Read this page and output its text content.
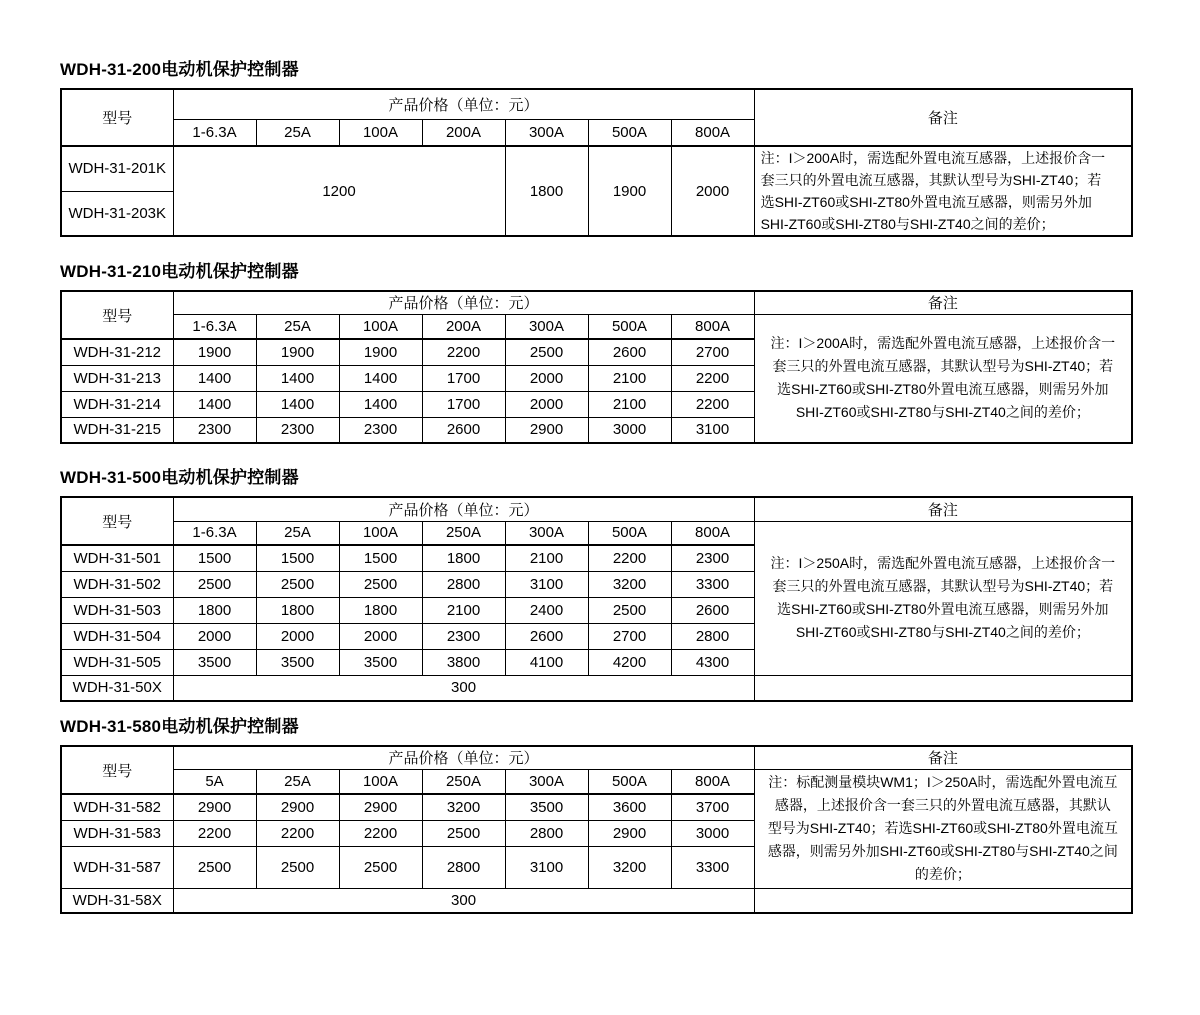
WDH-31-200电动机保护控制器
型号	产品价格（单位：元）							备注
	1-6.3A	25A	100A	200A	300A	500A	800A	
WDH-31-201K	1200				1800	1900	2000	注：I＞200A时，需选配外置电流互感器，上述报价含一
套三只的外置电流互感器，其默认型号为SHI-ZT40；若
选SHI-ZT60或SHI-ZT80外置电流互感器，则需另外加
SHI-ZT60或SHI-ZT80与SHI-ZT40之间的差价；

WDH-31-203K								
WDH-31-210电动机保护控制器
型号	产品价格（单位：元）							备注
	1-6.3A	25A	100A	200A	300A	500A	800A	注：I＞200A时，需选配外置电流互感器，上述报价含一
套三只的外置电流互感器，其默认型号为SHI-ZT40；若
选SHI-ZT60或SHI-ZT80外置电流互感器，则需另外加
SHI-ZT60或SHI-ZT80与SHI-ZT40之间的差价；

WDH-31-212	1900	1900	1900	2200	2500	2600	2700	
WDH-31-213	1400	1400	1400	1700	2000	2100	2200	
WDH-31-214	1400	1400	1400	1700	2000	2100	2200	
WDH-31-215	2300	2300	2300	2600	2900	3000	3100	
WDH-31-500电动机保护控制器
型号	产品价格（单位：元）							备注
	1-6.3A	25A	100A	250A	300A	500A	800A	注：I＞250A时，需选配外置电流互感器，上述报价含一
套三只的外置电流互感器，其默认型号为SHI-ZT40；若
选SHI-ZT60或SHI-ZT80外置电流互感器，则需另外加
SHI-ZT60或SHI-ZT80与SHI-ZT40之间的差价；

WDH-31-501	1500	1500	1500	1800	2100	2200	2300	
WDH-31-502	2500	2500	2500	2800	3100	3200	3300	
WDH-31-503	1800	1800	1800	2100	2400	2500	2600	
WDH-31-504	2000	2000	2000	2300	2600	2700	2800	
WDH-31-505	3500	3500	3500	3800	4100	4200	4300	
WDH-31-50X	300							
WDH-31-580电动机保护控制器
型号	产品价格（单位：元）							备注
	5A	25A	100A	250A	300A	500A	800A	注：标配测量模块WM1；I＞250A时，需选配外置电流互
感器，上述报价含一套三只的外置电流互感器，其默认
型号为SHI-ZT40；若选SHI-ZT60或SHI-ZT80外置电流互
感器，则需另外加SHI-ZT60或SHI-ZT80与SHI-ZT40之间
的差价；

WDH-31-582	2900	2900	2900	3200	3500	3600	3700	
WDH-31-583	2200	2200	2200	2500	2800	2900	3000	
WDH-31-587	2500	2500	2500	2800	3100	3200	3300	
WDH-31-58X	300							
